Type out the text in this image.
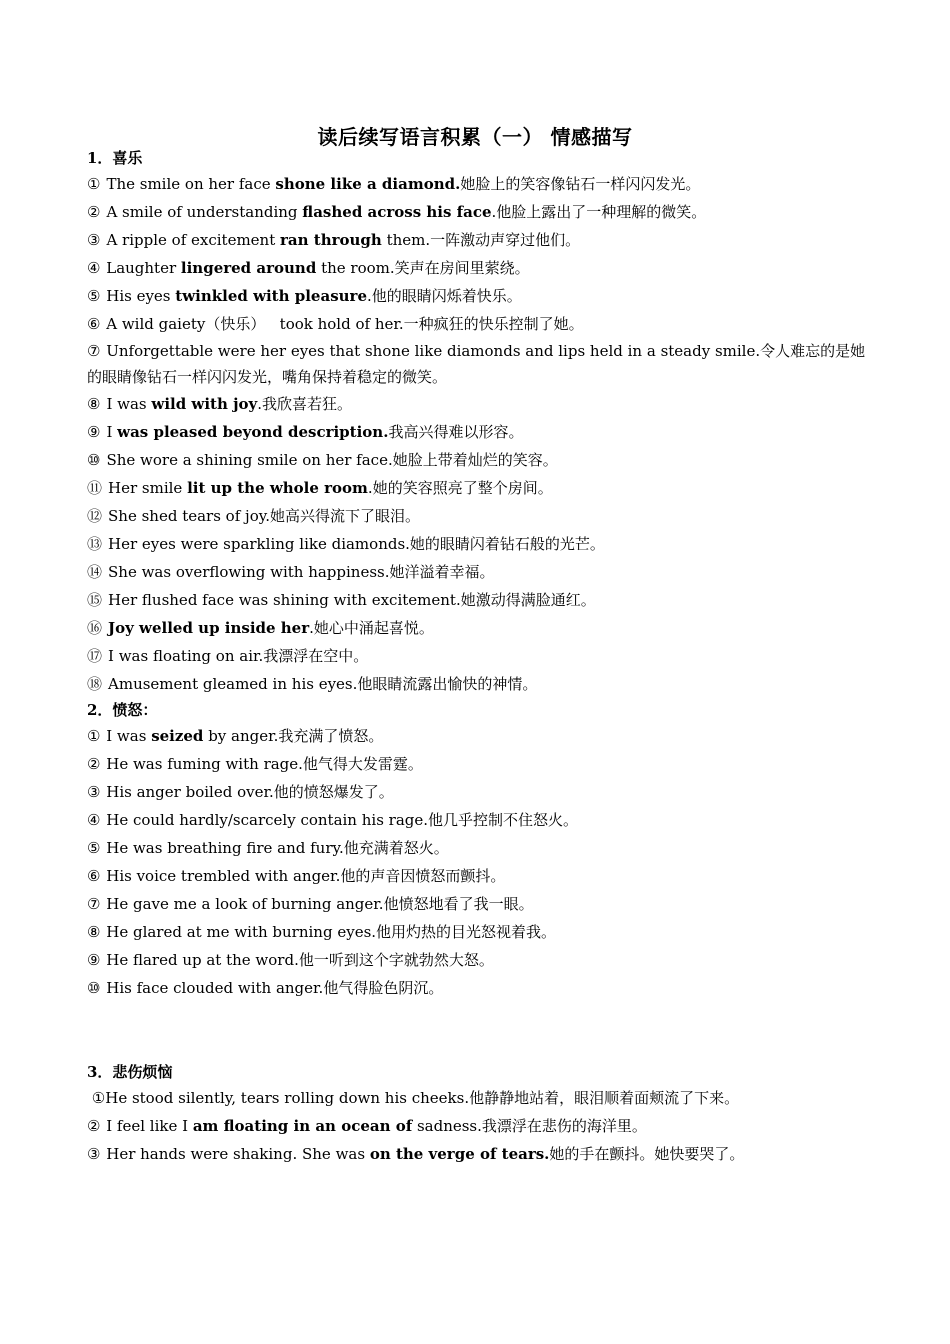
读后续写语言积累（一） 情感描写

1．喜乐

① The smile on her face shone like a diamond.她脸上的笑容像钻石一样闪闪发光。

② A smile of understanding flashed across his face.他脸上露出了一种理解的微笑。

③ A ripple of excitement ran through them.一阵激动声穿过他们。

④ Laughter lingered around the room.笑声在房间里萦绕。

⑤ His eyes twinkled with pleasure.他的眼睛闪烁着快乐。

⑥ A wild gaiety（快乐）   took hold of her.一种疯狂的快乐控制了她。

⑦ Unforgettable were her eyes that shone like diamonds and lips held in a steady smile.令人难忘的是她的眼睛像钻石一样闪闪发光，嘴角保持着稳定的微笑。

⑧ I was wild with joy.我欣喜若狂。

⑨ I was pleased beyond description.我高兴得难以形容。

⑩ She wore a shining smile on her face.她脸上带着灿烂的笑容。

⑪ Her smile lit up the whole room.她的笑容照亮了整个房间。

⑫ She shed tears of joy.她高兴得流下了眼泪。

⑬ Her eyes were sparkling like diamonds.她的眼睛闪着钻石般的光芒。

⑭ She was overflowing with happiness.她洋溢着幸福。

⑮ Her flushed face was shining with excitement.她激动得满脸通红。

⑯ Joy welled up inside her.她心中涌起喜悦。

⑰ I was floating on air.我漂浮在空中。

⑱ Amusement gleamed in his eyes.他眼睛流露出愉快的神情。

2．愤怒：

① I was seized by anger.我充满了愤怒。

② He was fuming with rage.他气得大发雷霆。

③ His anger boiled over.他的愤怒爆发了。

④ He could hardly/scarcely contain his rage.他几乎控制不住怒火。

⑤ He was breathing fire and fury.他充满着怒火。

⑥ His voice trembled with anger.他的声音因愤怒而颤抖。

⑦ He gave me a look of burning anger.他愤怒地看了我一眼。

⑧ He glared at me with burning eyes.他用灼热的目光怒视着我。

⑨ He flared up at the word.他一听到这个字就勃然大怒。

⑩ His face clouded with anger.他气得脸色阴沉。

3．悲伤烦恼

①He stood silently, tears rolling down his cheeks.他静静地站着，眼泪顺着面颊流了下来。

② I feel like I am floating in an ocean of sadness.我漂浮在悲伤的海洋里。

③ Her hands were shaking. She was on the verge of tears.她的手在颤抖。她快要哭了。
